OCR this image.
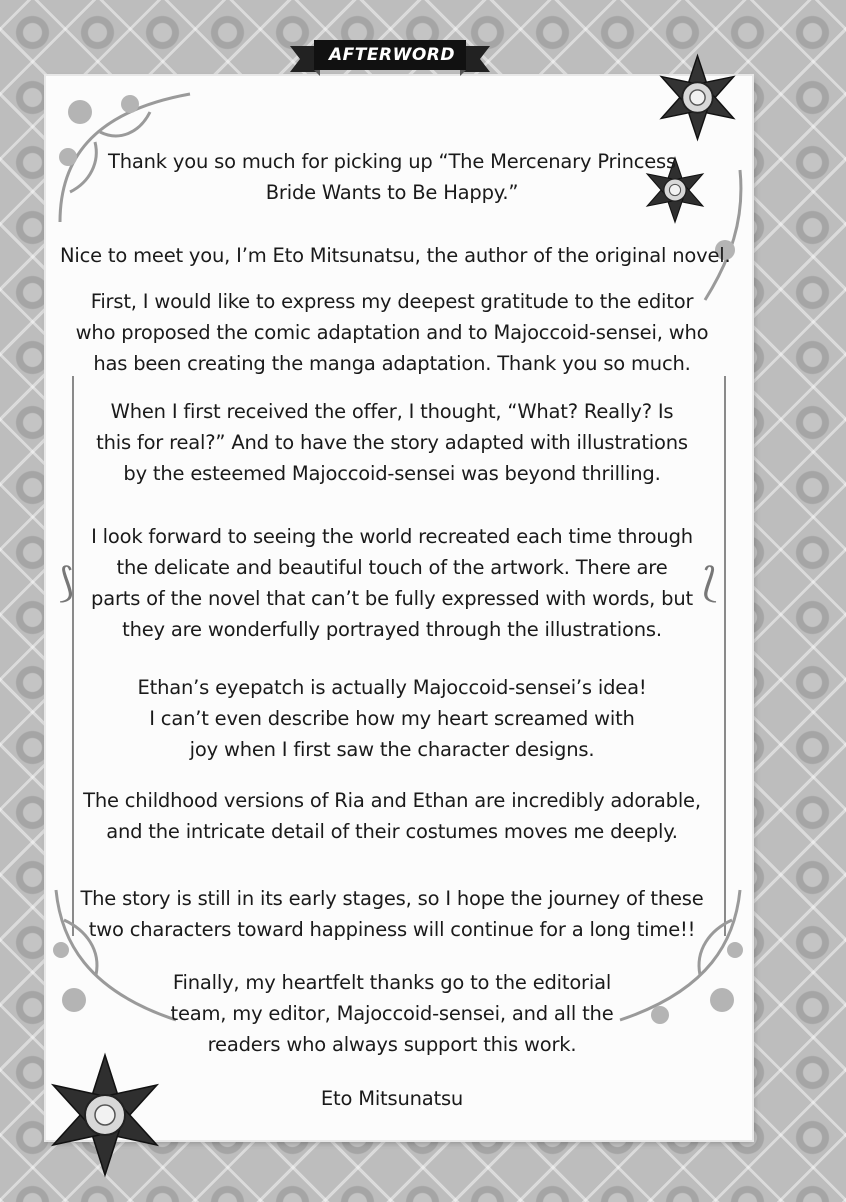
⟆	⟅
AFTERWORD
Thank you so much for picking up “The Mercenary Princess
Bride Wants to Be Happy.”
Nice to meet you, I’m Eto Mitsunatsu, the author of the original novel.
First, I would like to express my deepest gratitude to the editor
who proposed the comic adaptation and to Majoccoid-sensei, who
has been creating the manga adaptation. Thank you so much.
When I first received the offer, I thought, “What? Really? Is
this for real?” And to have the story adapted with illustrations
by the esteemed Majoccoid-sensei was beyond thrilling.
I look forward to seeing the world recreated each time through
the delicate and beautiful touch of the artwork. There are
parts of the novel that can’t be fully expressed with words, but
they are wonderfully portrayed through the illustrations.
Ethan’s eyepatch is actually Majoccoid-sensei’s idea!
I can’t even describe how my heart screamed with
joy when I first saw the character designs.
The childhood versions of Ria and Ethan are incredibly adorable,
and the intricate detail of their costumes moves me deeply.
The story is still in its early stages, so I hope the journey of these
two characters toward happiness will continue for a long time!!
Finally, my heartfelt thanks go to the editorial
team, my editor, Majoccoid-sensei, and all the
readers who always support this work.
Eto Mitsunatsu
